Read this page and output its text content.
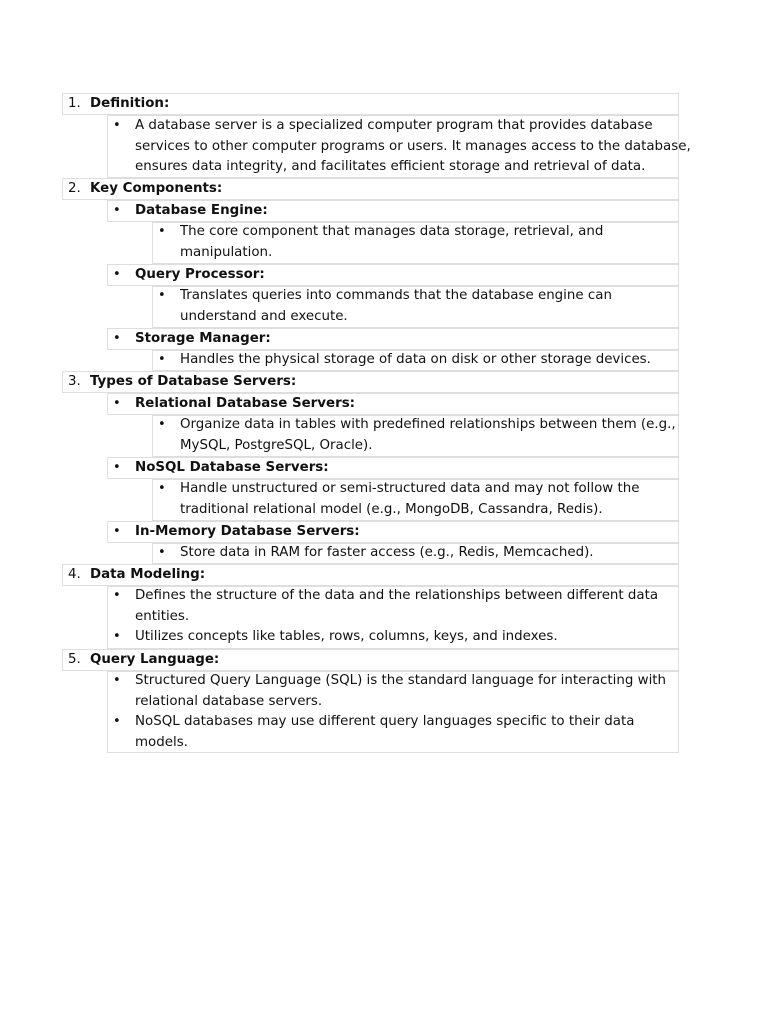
1. Definition:
• A database server is a specialized computer program that provides database
services to other computer programs or users. It manages access to the database,
ensures data integrity, and facilitates efficient storage and retrieval of data.
2. Key Components:
• Database Engine:
• The core component that manages data storage, retrieval, and
manipulation.
• Query Processor:
• Translates queries into commands that the database engine can
understand and execute.
• Storage Manager:
• Handles the physical storage of data on disk or other storage devices.
3. Types of Database Servers:
• Relational Database Servers:
• Organize data in tables with predefined relationships between them (e.g.,
MySQL, PostgreSQL, Oracle).
• NoSQL Database Servers:
• Handle unstructured or semi-structured data and may not follow the
traditional relational model (e.g., MongoDB, Cassandra, Redis).
• In-Memory Database Servers:
• Store data in RAM for faster access (e.g., Redis, Memcached).
4. Data Modeling:
• Defines the structure of the data and the relationships between different data
entities.
• Utilizes concepts like tables, rows, columns, keys, and indexes.
5. Query Language:
• Structured Query Language (SQL) is the standard language for interacting with
relational database servers.
• NoSQL databases may use different query languages specific to their data
models.
